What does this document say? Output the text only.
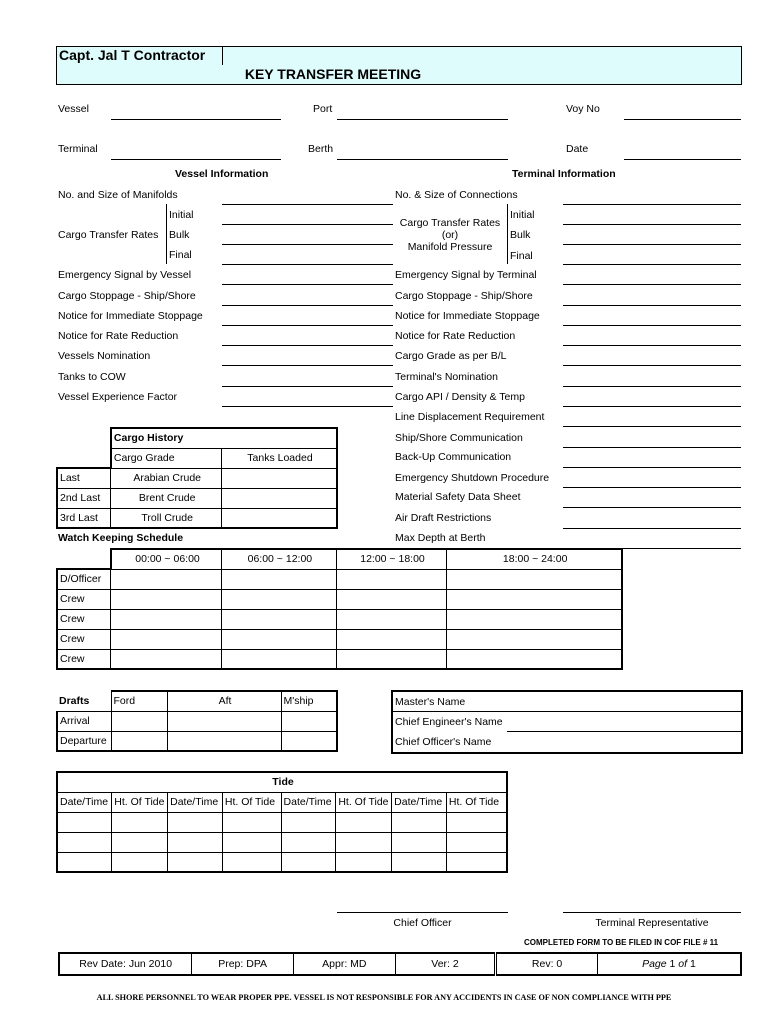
Capt. Jal T Contractor
KEY TRANSFER MEETING
Vessel	Port	Voy No
Terminal	Berth	Date
Vessel Information	Terminal Information
No. and Size of Manifolds
Cargo Transfer Rates
Initial
Bulk
Final
Emergency Signal by Vessel
Cargo Stoppage - Ship/Shore
Notice for Immediate Stoppage
Notice for Rate Reduction
Vessels Nomination
Tanks to COW
Vessel Experience Factor
No. & Size of Connections
Cargo Transfer Rates
(or)
Manifold Pressure
Initial
Bulk
Final
Emergency Signal by Terminal
Cargo Stoppage - Ship/Shore
Notice for Immediate Stoppage
Notice for Rate Reduction
Cargo Grade as per B/L
Terminal's Nomination
Cargo API / Density & Temp
Line Displacement Requirement
Ship/Shore Communication
Back-Up Communication
Emergency Shutdown Procedure
Material Safety Data Sheet
Air Draft Restrictions
Max Depth at Berth
	Cargo History	
	Cargo Grade	Tanks Loaded
Last	Arabian Crude	
2nd Last	Brent Crude	
3rd Last	Troll Crude	
Watch Keeping Schedule
	00:00 ~ 06:00	06:00 ~ 12:00	12:00 ~ 18:00	18:00 ~ 24:00
D/Officer				
Crew				
Crew				
Crew				
Crew				
Drafts	Ford	Aft	M'ship
Arrival			
Departure			
Master's Name
Chief Engineer's Name
Chief Officer's Name
Tide							
Date/Time	Ht. Of Tide	Date/Time	Ht. Of Tide	Date/Time	Ht. Of Tide	Date/Time	Ht. Of Tide

Chief Officer	Terminal Representative
COMPLETED FORM TO BE FILED IN COF FILE # 11
Rev Date: Jun 2010	Prep: DPA	Appr: MD	Ver: 2	Rev: 0	Page 1 of 1
ALL SHORE PERSONNEL TO WEAR PROPER PPE. VESSEL IS NOT RESPONSIBLE FOR ANY ACCIDENTS IN CASE OF NON COMPLIANCE WITH PPE
